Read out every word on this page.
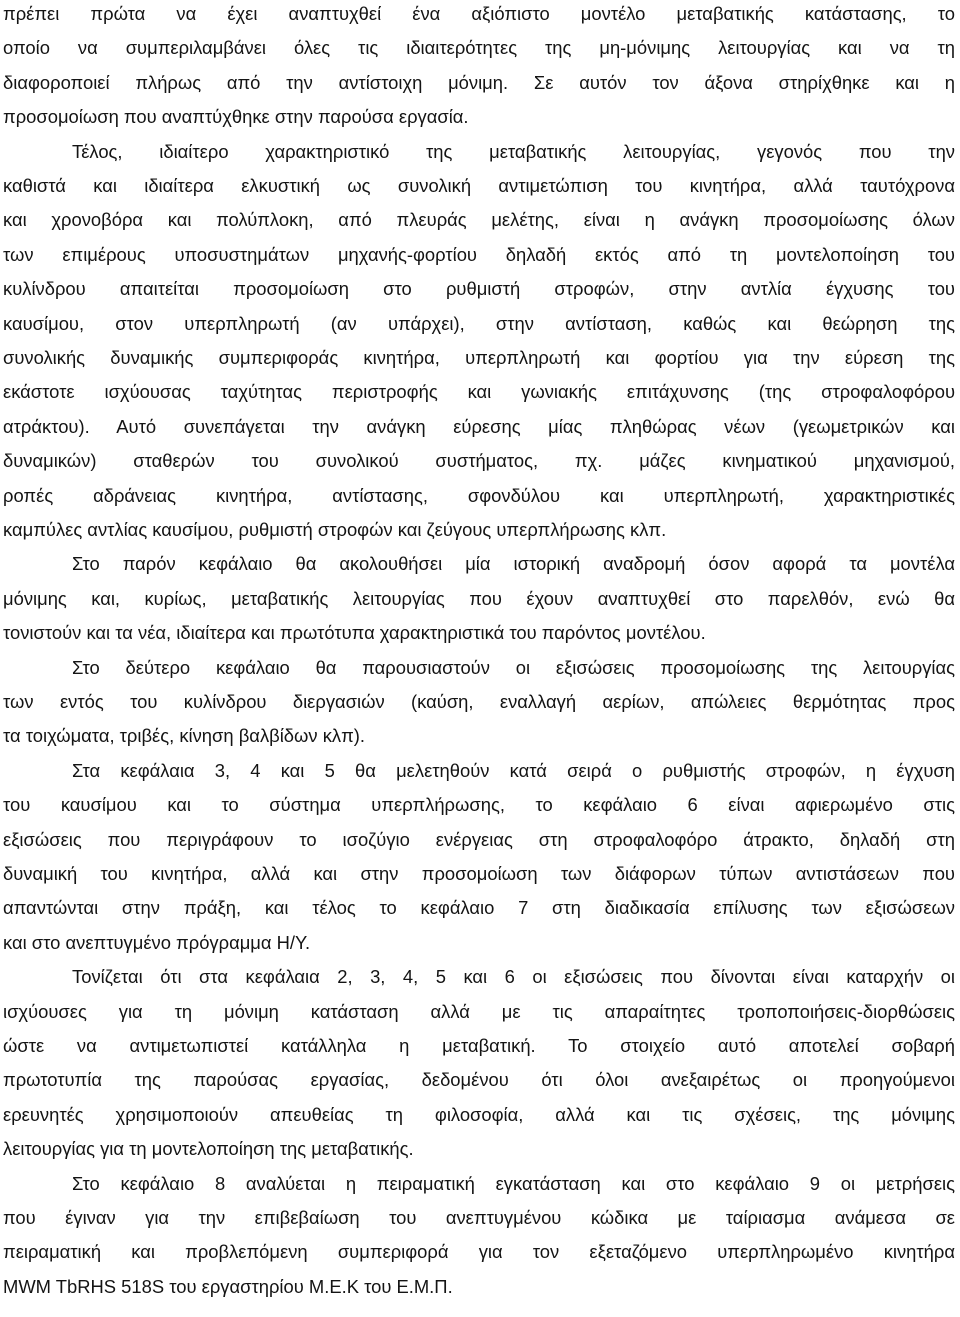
πρέπει πρώτα να έχει αναπτυχθεί ένα αξιόπιστο μοντέλο μεταβατικής κατάστασης, το

οποίο να συμπεριλαμβάνει όλες τις ιδιαιτερότητες της μη-μόνιμης λειτουργίας και να τη

διαφοροποιεί πλήρως από την αντίστοιχη μόνιμη. Σε αυτόν τον άξονα στηρίχθηκε και η

προσομοίωση που αναπτύχθηκε στην παρούσα εργασία.

Τέλος, ιδιαίτερο χαρακτηριστικό της μεταβατικής λειτουργίας, γεγονός που την

καθιστά και ιδιαίτερα ελκυστική ως συνολική αντιμετώπιση του κινητήρα, αλλά ταυτόχρονα

και χρονοβόρα και πολύπλοκη, από πλευράς μελέτης, είναι η ανάγκη προσομοίωσης όλων

των επιμέρους υποσυστημάτων μηχανής-φορτίου δηλαδή εκτός από τη μοντελοποίηση του

κυλίνδρου απαιτείται προσομοίωση στο ρυθμιστή στροφών, στην αντλία έγχυσης του

καυσίμου, στον υπερπληρωτή (αν υπάρχει), στην αντίσταση, καθώς και θεώρηση της

συνολικής δυναμικής συμπεριφοράς κινητήρα, υπερπληρωτή και φορτίου για την εύρεση της

εκάστοτε ισχύουσας ταχύτητας περιστροφής και γωνιακής επιτάχυνσης (της στροφαλοφόρου

ατράκτου). Αυτό συνεπάγεται την ανάγκη εύρεσης μίας πληθώρας νέων (γεωμετρικών και

δυναμικών) σταθερών του συνολικού συστήματος, πχ. μάζες κινηματικού μηχανισμού,

ροπές αδράνειας κινητήρα, αντίστασης, σφονδύλου και υπερπληρωτή, χαρακτηριστικές

καμπύλες αντλίας καυσίμου, ρυθμιστή στροφών και ζεύγους υπερπλήρωσης κλπ.

Στο παρόν κεφάλαιο θα ακολουθήσει μία ιστορική αναδρομή όσον αφορά τα μοντέλα

μόνιμης και, κυρίως, μεταβατικής λειτουργίας που έχουν αναπτυχθεί στο παρελθόν, ενώ θα

τονιστούν και τα νέα, ιδιαίτερα και πρωτότυπα χαρακτηριστικά του παρόντος μοντέλου.

Στο δεύτερο κεφάλαιο θα παρουσιαστούν οι εξισώσεις προσομοίωσης της λειτουργίας

των εντός του κυλίνδρου διεργασιών (καύση, εναλλαγή αερίων, απώλειες θερμότητας προς

τα τοιχώματα, τριβές, κίνηση βαλβίδων κλπ).

Στα κεφάλαια 3, 4 και 5 θα μελετηθούν κατά σειρά ο ρυθμιστής στροφών, η έγχυση

του καυσίμου και το σύστημα υπερπλήρωσης, το κεφάλαιο 6 είναι αφιερωμένο στις

εξισώσεις που περιγράφουν το ισοζύγιο ενέργειας στη στροφαλοφόρο άτρακτο, δηλαδή στη

δυναμική του κινητήρα, αλλά και στην προσομοίωση των διάφορων τύπων αντιστάσεων που

απαντώνται στην πράξη, και τέλος το κεφάλαιο 7 στη διαδικασία επίλυσης των εξισώσεων

και στο ανεπτυγμένο πρόγραμμα Η/Υ.

Τονίζεται ότι στα κεφάλαια 2, 3, 4, 5 και 6 οι εξισώσεις που δίνονται είναι καταρχήν οι

ισχύουσες για τη μόνιμη κατάσταση αλλά με τις απαραίτητες τροποποιήσεις-διορθώσεις

ώστε να αντιμετωπιστεί κατάλληλα η μεταβατική. Το στοιχείο αυτό αποτελεί σοβαρή

πρωτοτυπία της παρούσας εργασίας, δεδομένου ότι όλοι ανεξαιρέτως οι προηγούμενοι

ερευνητές χρησιμοποιούν απευθείας τη φιλοσοφία, αλλά και τις σχέσεις, της μόνιμης

λειτουργίας για τη μοντελοποίηση της μεταβατικής.

Στο κεφάλαιο 8 αναλύεται η πειραματική εγκατάσταση και στο κεφάλαιο 9 οι μετρήσεις

που έγιναν για την επιβεβαίωση του ανεπτυγμένου κώδικα με ταίριασμα ανάμεσα σε

πειραματική και προβλεπόμενη συμπεριφορά για τον εξεταζόμενο υπερπληρωμένο κινητήρα

MWM TbRHS 518S του εργαστηρίου Μ.Ε.Κ του Ε.Μ.Π.
